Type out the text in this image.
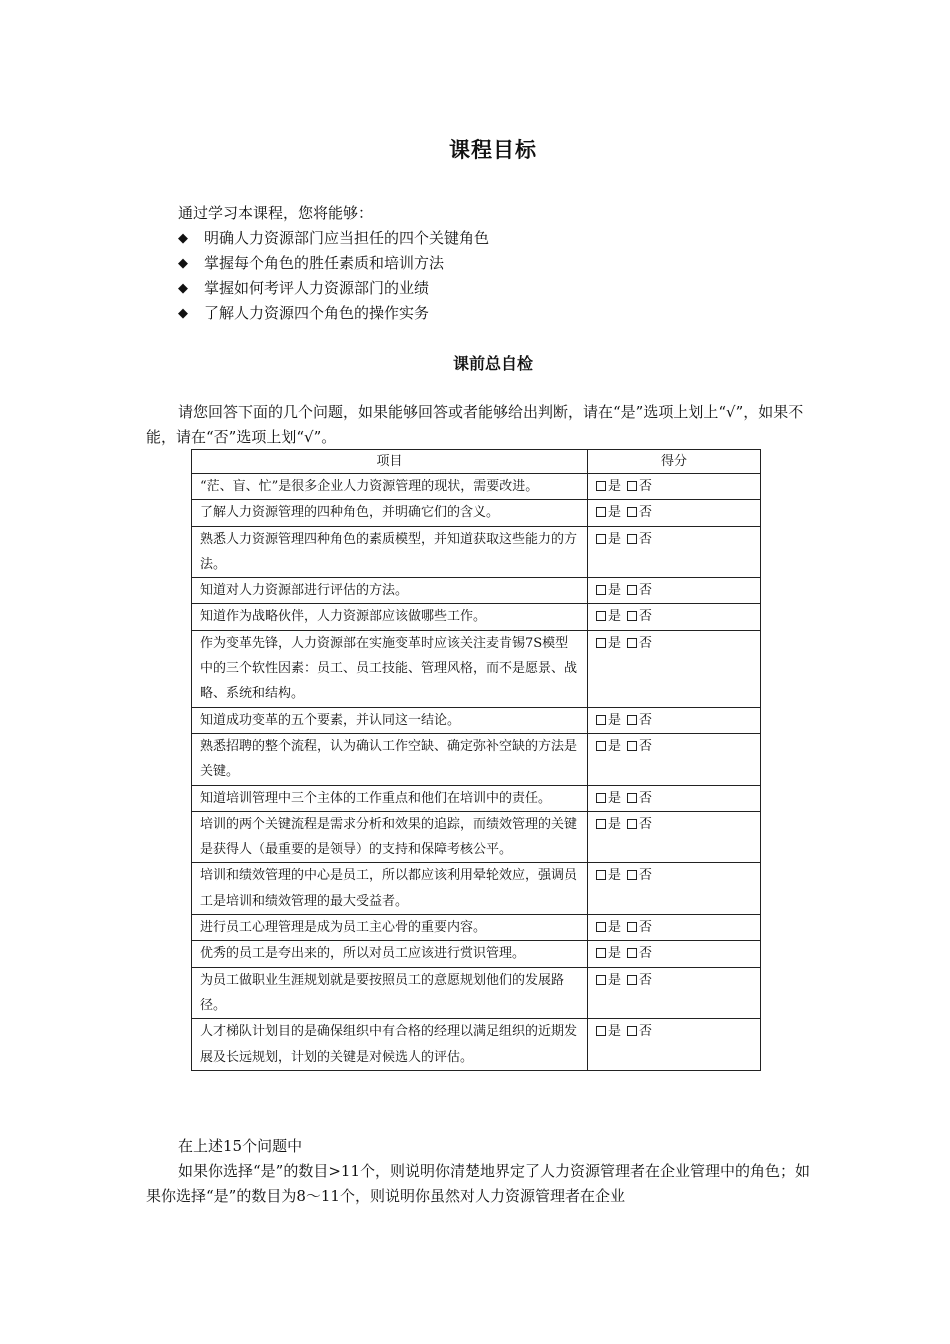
课程目标
通过学习本课程，您将能够：
◆	明确人力资源部门应当担任的四个关键角色
◆	掌握每个角色的胜任素质和培训方法
◆	掌握如何考评人力资源部门的业绩
◆	了解人力资源四个角色的操作实务
课前总自检

请您回答下面的几个问题，如果能够回答或者能够给出判断，请在“是”选项上划上“√”，如果不能，请在“否”选项上划“√”。

项目	得分
“茫、盲、忙”是很多企业人力资源管理的现状，需要改进。	是 否
了解人力资源管理的四种角色，并明确它们的含义。	是 否
熟悉人力资源管理四种角色的素质模型，并知道获取这些能力的方法。	是 否
知道对人力资源部进行评估的方法。	是 否
知道作为战略伙伴，人力资源部应该做哪些工作。	是 否
作为变革先锋，人力资源部在实施变革时应该关注麦肯锡7S模型中的三个软性因素：员工、员工技能、管理风格，而不是愿景、战略、系统和结构。	是 否
知道成功变革的五个要素，并认同这一结论。	是 否
熟悉招聘的整个流程，认为确认工作空缺、确定弥补空缺的方法是关键。	是 否
知道培训管理中三个主体的工作重点和他们在培训中的责任。	是 否
培训的两个关键流程是需求分析和效果的追踪，而绩效管理的关键是获得人（最重要的是领导）的支持和保障考核公平。	是 否
培训和绩效管理的中心是员工，所以都应该利用晕轮效应，强调员工是培训和绩效管理的最大受益者。	是 否
进行员工心理管理是成为员工主心骨的重要内容。	是 否
优秀的员工是夸出来的，所以对员工应该进行赏识管理。	是 否
为员工做职业生涯规划就是要按照员工的意愿规划他们的发展路径。	是 否
人才梯队计划目的是确保组织中有合格的经理以满足组织的近期发展及长远规划，计划的关键是对候选人的评估。	是 否
在上述15个问题中

如果你选择“是”的数目>11个，则说明你清楚地界定了人力资源管理者在企业管理中的角色；如果你选择“是”的数目为8～11个，则说明你虽然对人力资源管理者在企业
